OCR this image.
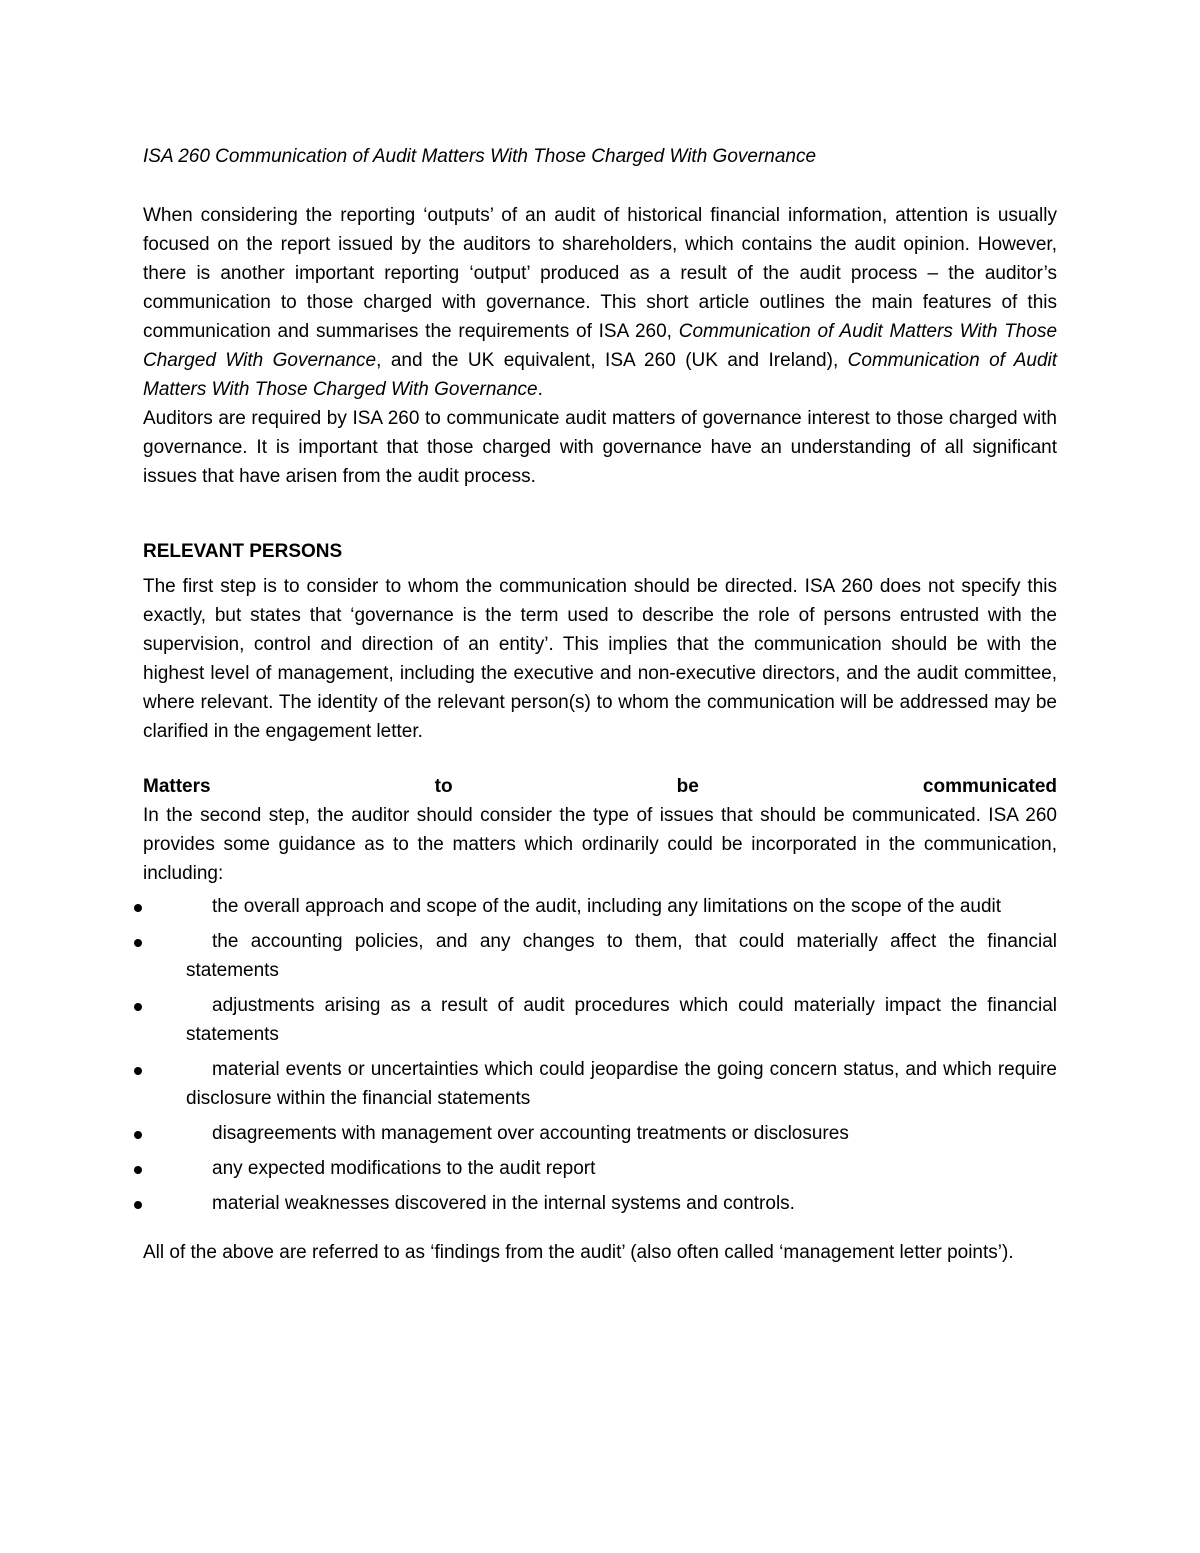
ISA 260 Communication of Audit Matters With Those Charged With Governance

When considering the reporting ‘outputs’ of an audit of historical financial information, attention is usually focused on the report issued by the auditors to shareholders, which contains the audit opinion. However, there is another important reporting ‘output’ produced as a result of the audit process – the auditor’s communication to those charged with governance. This short article outlines the main features of this communication and summarises the requirements of ISA 260, Communication of Audit Matters With Those Charged With Governance, and the UK equivalent, ISA 260 (UK and Ireland), Communication of Audit Matters With Those Charged With Governance.

Auditors are required by ISA 260 to communicate audit matters of governance interest to those charged with governance. It is important that those charged with governance have an understanding of all significant issues that have arisen from the audit process.

RELEVANT PERSONS

The first step is to consider to whom the communication should be directed. ISA 260 does not specify this exactly, but states that ‘governance is the term used to describe the role of persons entrusted with the supervision, control and direction of an entity’. This implies that the communication should be with the highest level of management, including the executive and non-executive directors, and the audit committee, where relevant. The identity of the relevant person(s) to whom the communication will be addressed may be clarified in the engagement letter.

Matters to be communicated

In the second step, the auditor should consider the type of issues that should be communicated. ISA 260 provides some guidance as to the matters which ordinarily could be incorporated in the communication, including:

the overall approach and scope of the audit, including any limitations on the scope of the audit
the accounting policies, and any changes to them, that could materially affect the financial statements
adjustments arising as a result of audit procedures which could materially impact the financial statements
material events or uncertainties which could jeopardise the going concern status, and which require disclosure within the financial statements
disagreements with management over accounting treatments or disclosures
any expected modifications to the audit report
material weaknesses discovered in the internal systems and controls.

All of the above are referred to as ‘findings from the audit’ (also often called ‘management letter points’).
